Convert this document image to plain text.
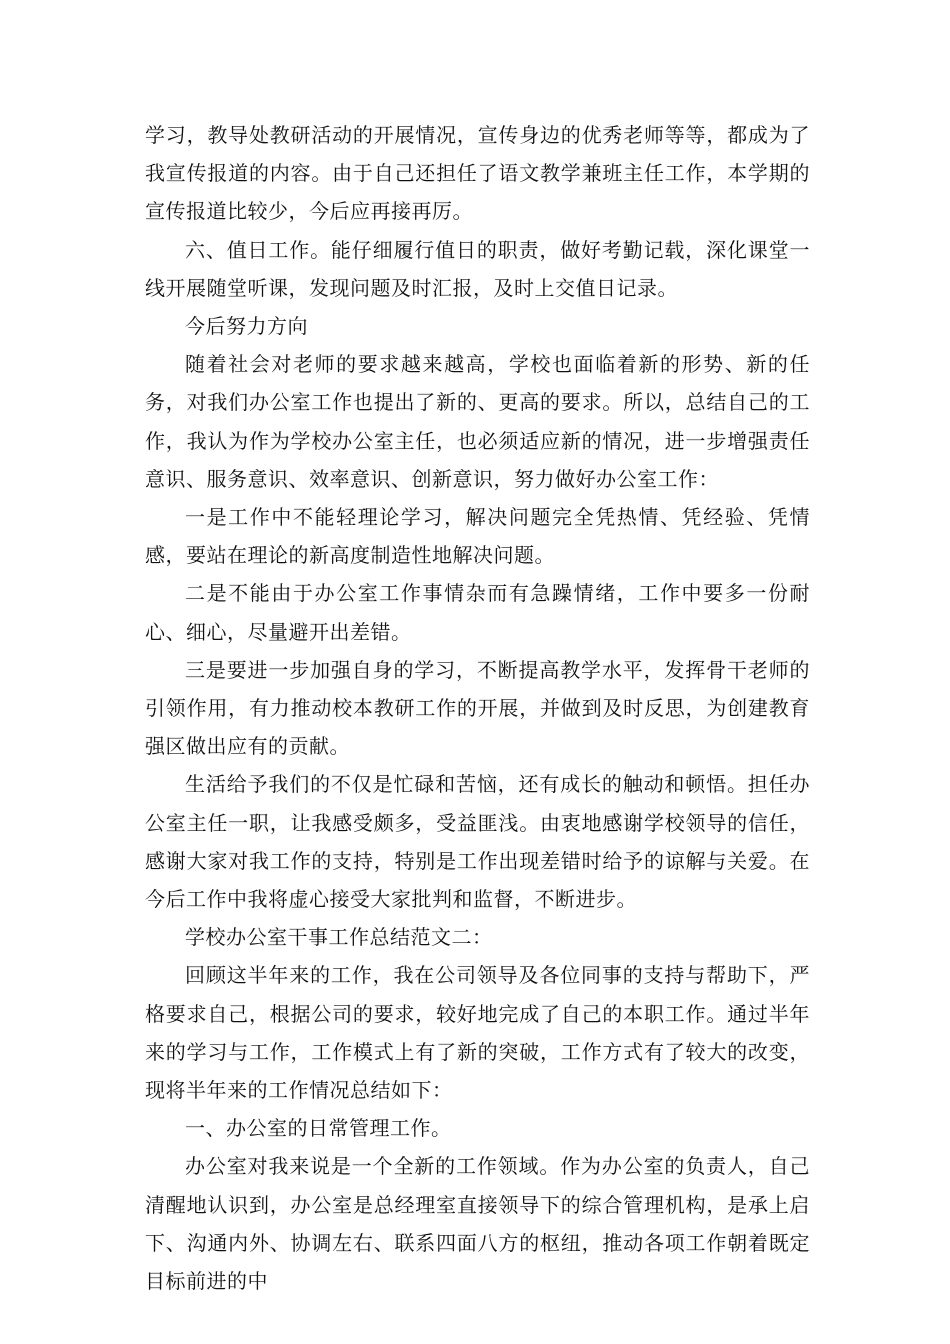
学习，教导处教研活动的开展情况，宣传身边的优秀老师等等，都成为了我宣传报道的内容。由于自己还担任了语文教学兼班主任工作，本学期的宣传报道比较少，今后应再接再厉。

六、值日工作。能仔细履行值日的职责，做好考勤记载，深化课堂一线开展随堂听课，发现问题及时汇报，及时上交值日记录。

今后努力方向

随着社会对老师的要求越来越高，学校也面临着新的形势、新的任务，对我们办公室工作也提出了新的、更高的要求。所以，总结自己的工作，我认为作为学校办公室主任，也必须适应新的情况，进一步增强责任意识、服务意识、效率意识、创新意识，努力做好办公室工作：

一是工作中不能轻理论学习，解决问题完全凭热情、凭经验、凭情感，要站在理论的新高度制造性地解决问题。

二是不能由于办公室工作事情杂而有急躁情绪，工作中要多一份耐心、细心，尽量避开出差错。

三是要进一步加强自身的学习，不断提高教学水平，发挥骨干老师的引领作用，有力推动校本教研工作的开展，并做到及时反思，为创建教育强区做出应有的贡献。

生活给予我们的不仅是忙碌和苦恼，还有成长的触动和顿悟。担任办公室主任一职，让我感受颇多，受益匪浅。由衷地感谢学校领导的信任，感谢大家对我工作的支持，特别是工作出现差错时给予的谅解与关爱。在今后工作中我将虚心接受大家批判和监督，不断进步。

学校办公室干事工作总结范文二：

回顾这半年来的工作，我在公司领导及各位同事的支持与帮助下，严格要求自己，根据公司的要求，较好地完成了自己的本职工作。通过半年来的学习与工作，工作模式上有了新的突破，工作方式有了较大的改变，现将半年来的工作情况总结如下：

一、办公室的日常管理工作。

办公室对我来说是一个全新的工作领域。作为办公室的负责人，自己清醒地认识到，办公室是总经理室直接领导下的综合管理机构，是承上启下、沟通内外、协调左右、联系四面八方的枢纽，推动各项工作朝着既定目标前进的中
